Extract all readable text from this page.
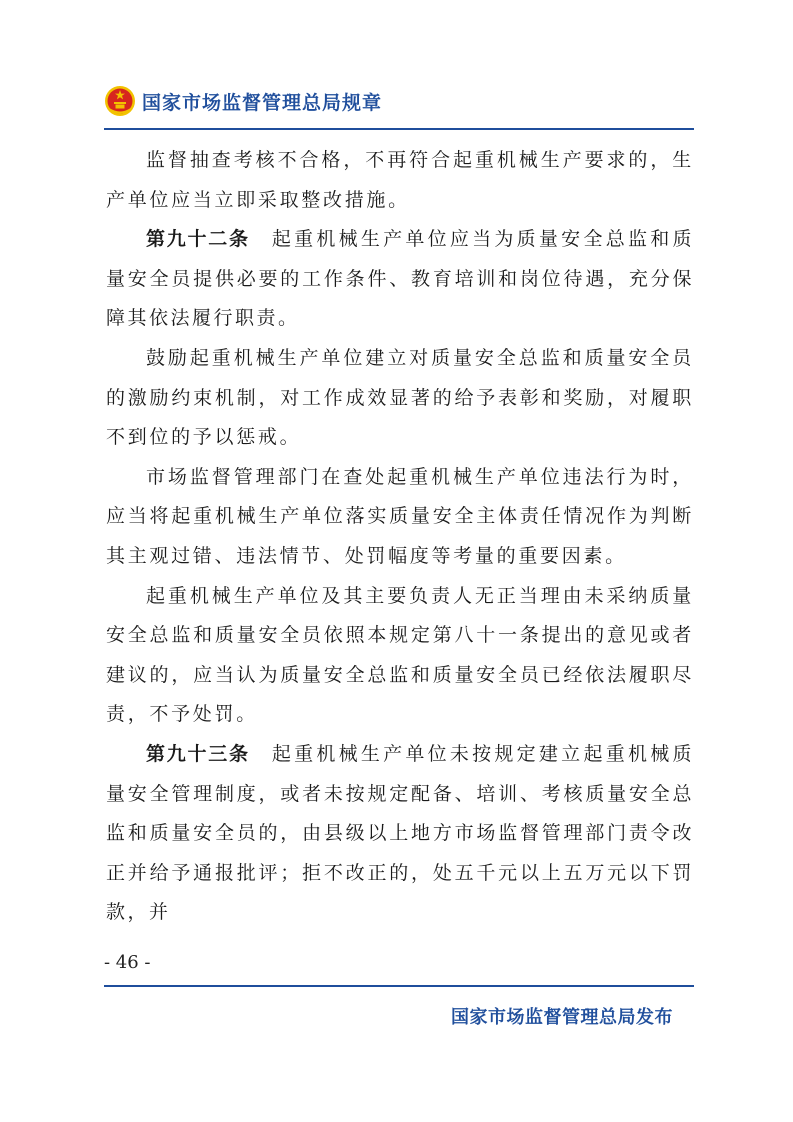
国家市场监督管理总局规章

监督抽查考核不合格，不再符合起重机械生产要求的，生产单位应当立即采取整改措施。

第九十二条 起重机械生产单位应当为质量安全总监和质量安全员提供必要的工作条件、教育培训和岗位待遇，充分保障其依法履行职责。

鼓励起重机械生产单位建立对质量安全总监和质量安全员的激励约束机制，对工作成效显著的给予表彰和奖励，对履职不到位的予以惩戒。

市场监督管理部门在查处起重机械生产单位违法行为时，应当将起重机械生产单位落实质量安全主体责任情况作为判断其主观过错、违法情节、处罚幅度等考量的重要因素。

起重机械生产单位及其主要负责人无正当理由未采纳质量安全总监和质量安全员依照本规定第八十一条提出的意见或者建议的，应当认为质量安全总监和质量安全员已经依法履职尽责，不予处罚。

第九十三条 起重机械生产单位未按规定建立起重机械质量安全管理制度，或者未按规定配备、培训、考核质量安全总监和质量安全员的，由县级以上地方市场监督管理部门责令改正并给予通报批评；拒不改正的，处五千元以上五万元以下罚款，并

- 46 -
国家市场监督管理总局发布
